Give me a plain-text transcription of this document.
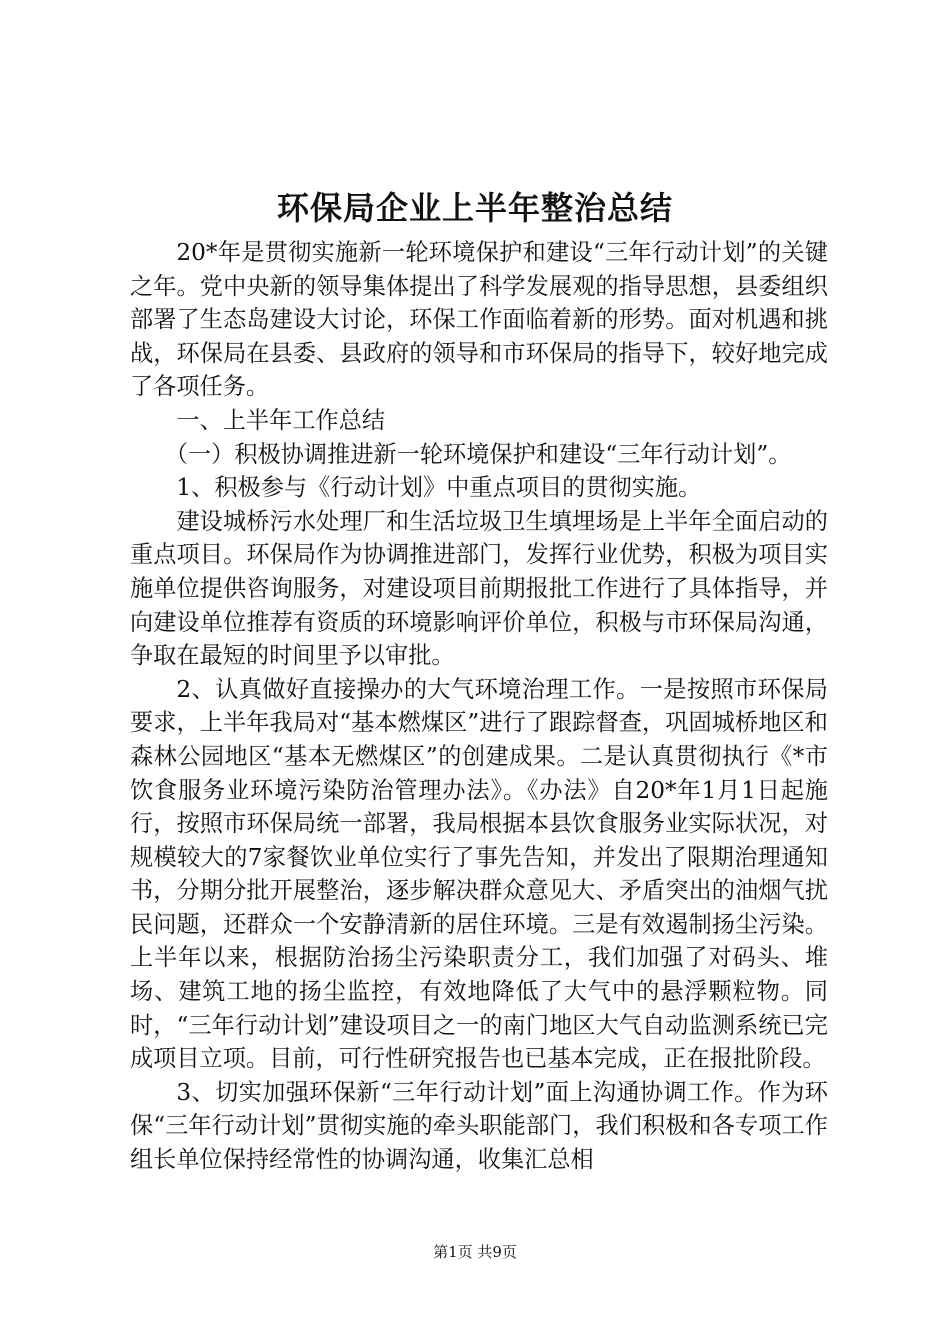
环保局企业上半年整治总结

20*年是贯彻实施新一轮环境保护和建设“三年行动计划”的关键之年。党中央新的领导集体提出了科学发展观的指导思想，县委组织部署了生态岛建设大讨论，环保工作面临着新的形势。面对机遇和挑战，环保局在县委、县政府的领导和市环保局的指导下，较好地完成了各项任务。

一、上半年工作总结

（一）积极协调推进新一轮环境保护和建设“三年行动计划”。

1、积极参与《行动计划》中重点项目的贯彻实施。

建设城桥污水处理厂和生活垃圾卫生填埋场是上半年全面启动的重点项目。环保局作为协调推进部门，发挥行业优势，积极为项目实施单位提供咨询服务，对建设项目前期报批工作进行了具体指导，并向建设单位推荐有资质的环境影响评价单位，积极与市环保局沟通，争取在最短的时间里予以审批。

2、认真做好直接操办的大气环境治理工作。一是按照市环保局要求，上半年我局对“基本燃煤区”进行了跟踪督查，巩固城桥地区和森林公园地区“基本无燃煤区”的创建成果。二是认真贯彻执行《*市饮食服务业环境污染防治管理办法》。《办法》自20*年1月1日起施行，按照市环保局统一部署，我局根据本县饮食服务业实际状况，对规模较大的7家餐饮业单位实行了事先告知，并发出了限期治理通知书，分期分批开展整治，逐步解决群众意见大、矛盾突出的油烟气扰民问题，还群众一个安静清新的居住环境。三是有效遏制扬尘污染。上半年以来，根据防治扬尘污染职责分工，我们加强了对码头、堆场、建筑工地的扬尘监控，有效地降低了大气中的悬浮颗粒物。同时，“三年行动计划”建设项目之一的南门地区大气自动监测系统已完成项目立项。目前，可行性研究报告也已基本完成，正在报批阶段。

3、切实加强环保新“三年行动计划”面上沟通协调工作。作为环保“三年行动计划”贯彻实施的牵头职能部门，我们积极和各专项工作组长单位保持经常性的协调沟通，收集汇总相

第1页 共9页
